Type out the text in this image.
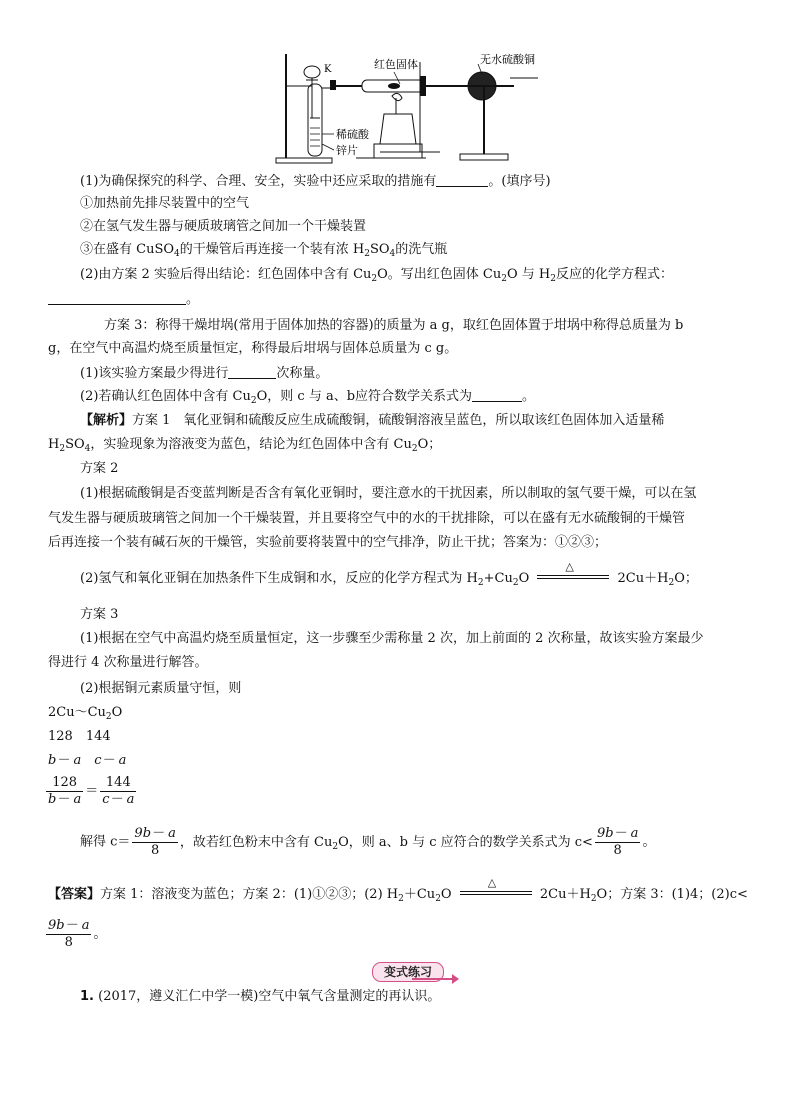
K	红色固体	无水硫酸铜
稀硫酸
锌片
(1)为确保探究的科学、合理、安全，实验中还应采取的措施有	。(填序号)
①加热前先排尽装置中的空气
②在氢气发生器与硬质玻璃管之间加一个干燥装置
③在盛有 CuSO$_4$的干燥管后再连接一个装有浓 $H_2SO_4$的洗气瓶
(2)由方案 2 实验后得出结论：红色固体中含有 $Cu_2O$。写出红色固体 $Cu_2O$ 与 $H_2$反应的化学方程式：
。
方案 3：称得干燥坩埚(常用于固体加热的容器)的质量为 a g，取红色固体置于坩埚中称得总质量为 b
g，在空气中高温灼烧至质量恒定，称得最后坩埚与固体总质量为 c g。
(1)该实验方案最少得进行	次称量。
(2)若确认红色固体中含有 $Cu_2O$，则 c 与 a、b应符合数学关系式为	。
【解析】方案 1　氧化亚铜和硫酸反应生成硫酸铜，硫酸铜溶液呈蓝色，所以取该红色固体加入适量稀
$H_2SO_4$，实验现象为溶液变为蓝色，结论为红色固体中含有 $Cu_2O$；
方案 2
(1)根据硫酸铜是否变蓝判断是否含有氧化亚铜时，要注意水的干扰因素，所以制取的氢气要干燥，可以在氢
气发生器与硬质玻璃管之间加一个干燥装置，并且要将空气中的水的干扰排除，可以在盛有无水硫酸铜的干燥管
后再连接一个装有碱石灰的干燥管，实验前要将装置中的空气排净，防止干扰；答案为：①②③；
(2)氢气和氧化亚铜在加热条件下生成铜和水，反应的化学方程式为 $H_2+Cu_2O$
△
$2Cu+H_2O$；
方案 3
(1)根据在空气中高温灼烧至质量恒定，这一步骤至少需称量 2 次，加上前面的 2 次称量，故该实验方案最少
得进行 4 次称量进行解答。
(2)根据铜元素质量守恒，则
$2Cu\sim Cu_2O$
128　144
b－ a　c－ a
$\frac{128}{b- a} = \frac{144}{c- a}$
解得 $c= \frac{9b- a}{8}$ ，故若红色粉末中含有 $Cu_2O$，则 a、b 与 c 应符合的数学关系式为 $c< \frac{9b- a}{8}$ 。
【答案】方案 1：溶液变为蓝色；方案 2：(1)①②③；(2) $H_2+Cu_2O$
△
$2Cu+H_2O$；方案 3：(1)4；(2)c<
$\frac{9b- a}{8}$ 。
变式练习
1. (2017，遵义汇仁中学一模)空气中氧气含量测定的再认识。
